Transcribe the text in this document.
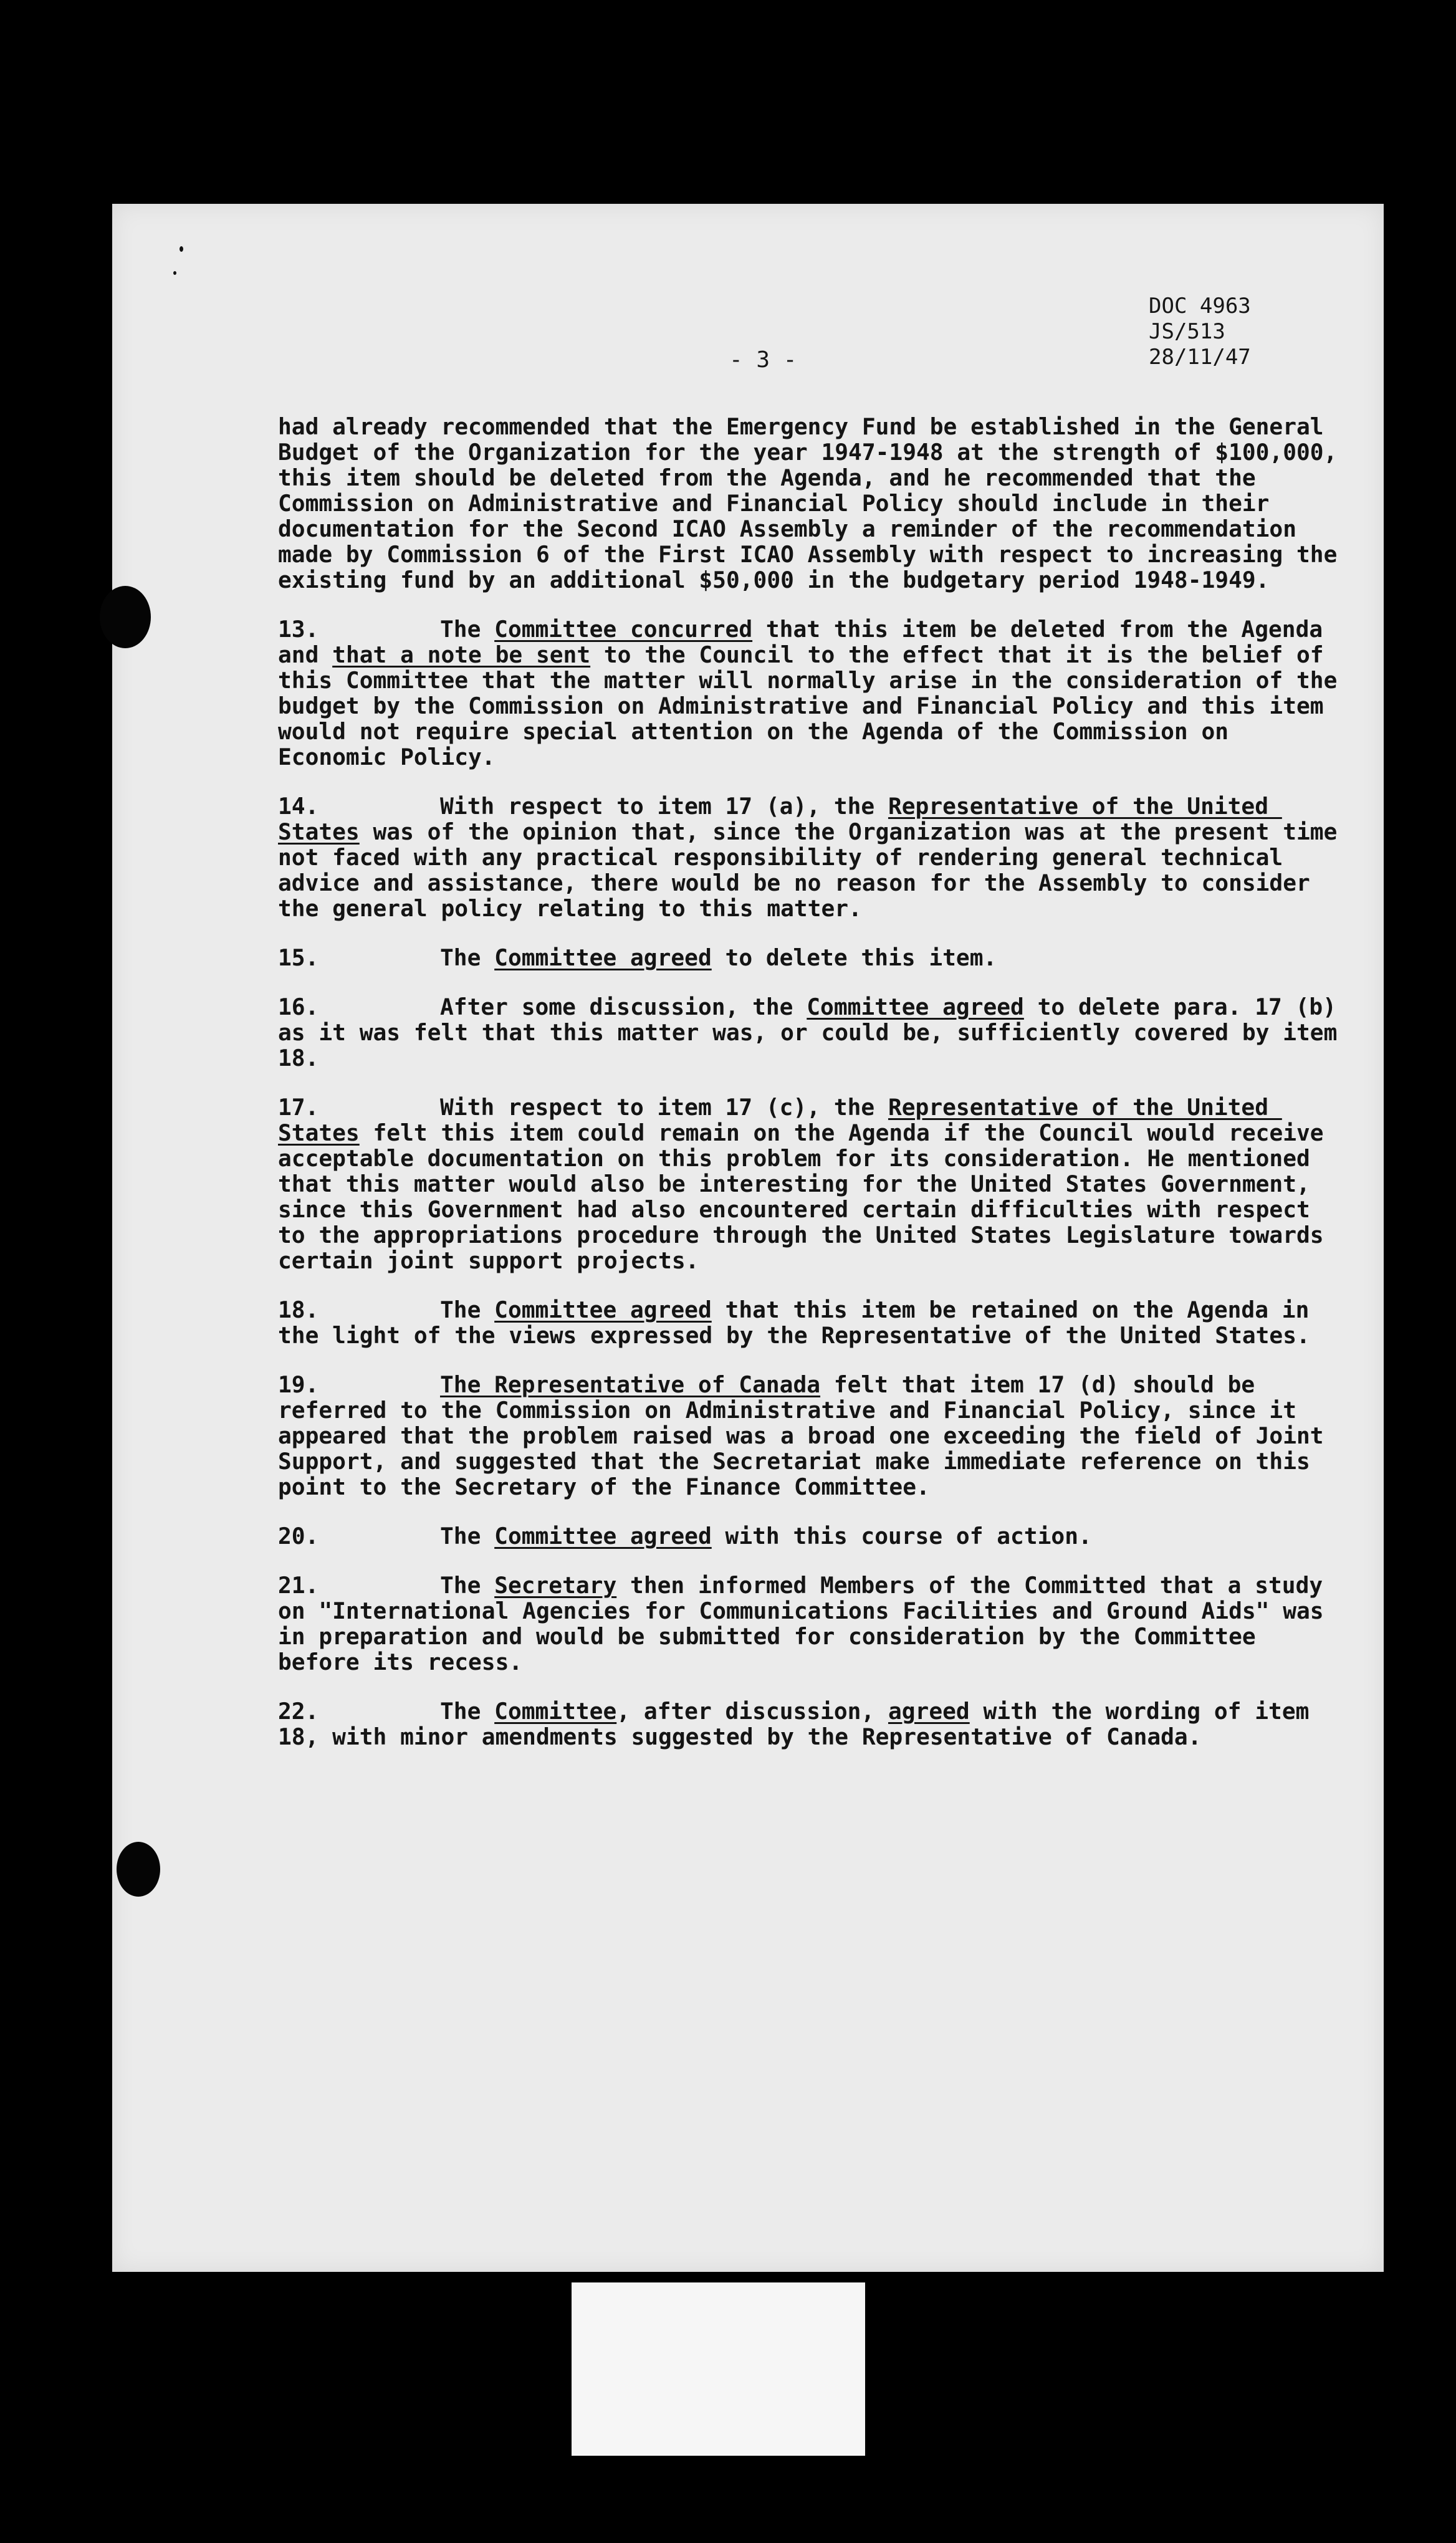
DOC 4963
JS/513
28/11/47
- 3 -
had already recommended that the Emergency Fund be established in the General Budget of the Organization for the year 1947-1948 at the strength of $100,000, this item should be deleted from the Agenda, and he recommended that the Commission on Administrative and Financial Policy should include in their documentation for the Second ICAO Assembly a reminder of the recommendation made by Commission 6 of the First ICAO Assembly with respect to increasing the existing fund by an additional $50,000 in the budgetary period 1948-1949.
13.	The Committee concurred that this item be deleted from the Agenda and that a note be sent to the Council to the effect that it is the belief of this Committee that the matter will normally arise in the consideration of the budget by the Commission on Administrative and Financial Policy and this item would not require special attention on the Agenda of the Commission on Economic Policy.
14.	With respect to item 17 (a), the Representative of the United States was of the opinion that, since the Organization was at the present time not faced with any practical responsibility of rendering general technical advice and assistance, there would be no reason for the Assembly to consider the general policy relating to this matter.
15.	The Committee agreed to delete this item.
16.	After some discussion, the Committee agreed to delete para. 17 (b) as it was felt that this matter was, or could be, sufficiently covered by item 18.
17.	With respect to item 17 (c), the Representative of the United States felt this item could remain on the Agenda if the Council would receive acceptable documentation on this problem for its consideration. He mentioned that this matter would also be interesting for the United States Government, since this Government had also encountered certain difficulties with respect to the appropriations procedure through the United States Legislature towards certain joint support projects.
18.	The Committee agreed that this item be retained on the Agenda in the light of the views expressed by the Representative of the United States.
19.	The Representative of Canada felt that item 17 (d) should be referred to the Commission on Administrative and Financial Policy, since it appeared that the problem raised was a broad one exceeding the field of Joint Support, and suggested that the Secretariat make immediate reference on this point to the Secretary of the Finance Committee.
20.	The Committee agreed with this course of action.
21.	The Secretary then informed Members of the Committed that a study on "International Agencies for Communications Facilities and Ground Aids" was in preparation and would be submitted for consideration by the Committee before its recess.
22.	The Committee, after discussion, agreed with the wording of item 18, with minor amendments suggested by the Representative of Canada.
